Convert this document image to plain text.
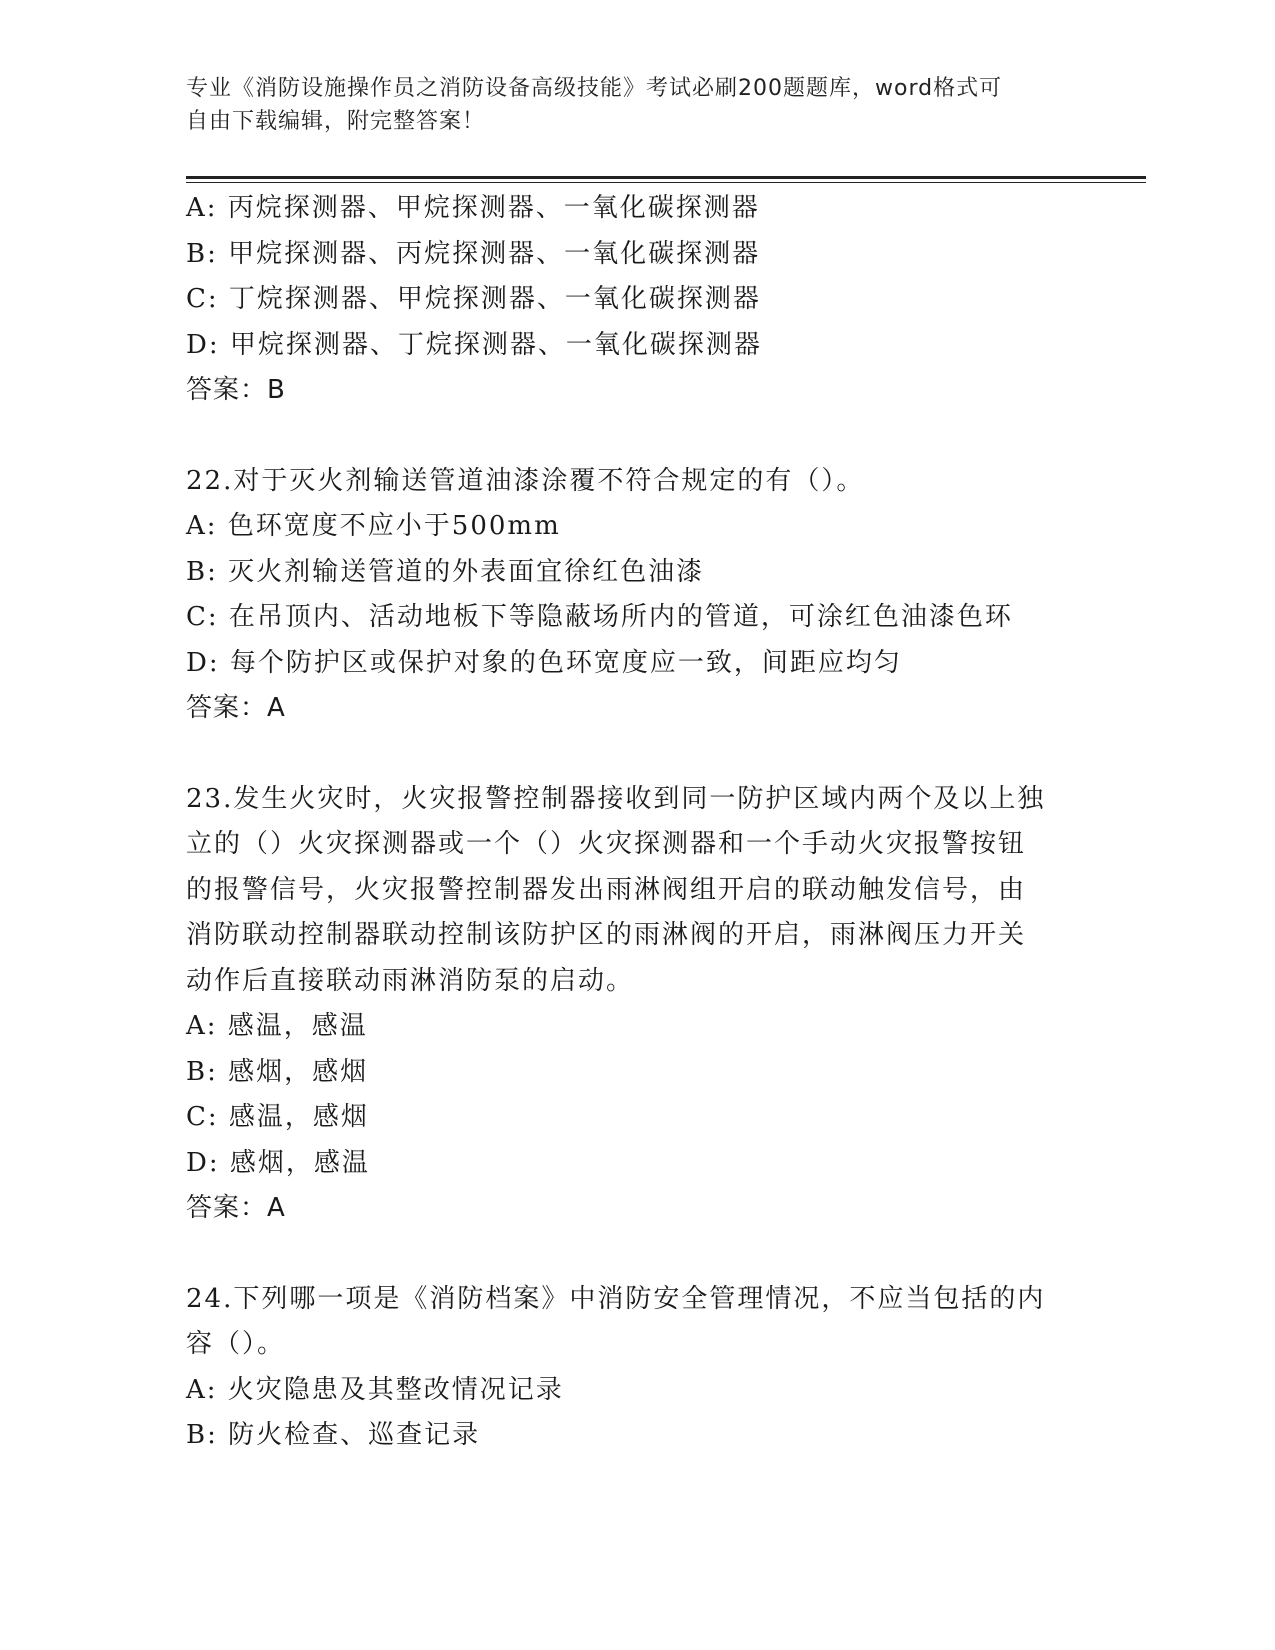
专业《消防设施操作员之消防设备高级技能》考试必刷200题题库，word格式可
自由下载编辑，附完整答案！
A: 丙烷探测器、甲烷探测器、一氧化碳探测器
B: 甲烷探测器、丙烷探测器、一氧化碳探测器
C: 丁烷探测器、甲烷探测器、一氧化碳探测器
D: 甲烷探测器、丁烷探测器、一氧化碳探测器
答案：B
22.对于灭火剂输送管道油漆涂覆不符合规定的有（）。
A: 色环宽度不应小于500mm
B: 灭火剂输送管道的外表面宜徐红色油漆
C: 在吊顶内、活动地板下等隐蔽场所内的管道，可涂红色油漆色环
D: 每个防护区或保护对象的色环宽度应一致，间距应均匀
答案：A
23.发生火灾时，火灾报警控制器接收到同一防护区域内两个及以上独
立的（）火灾探测器或一个（）火灾探测器和一个手动火灾报警按钮
的报警信号，火灾报警控制器发出雨淋阀组开启的联动触发信号，由
消防联动控制器联动控制该防护区的雨淋阀的开启，雨淋阀压力开关
动作后直接联动雨淋消防泵的启动。
A: 感温，感温
B: 感烟，感烟
C: 感温，感烟
D: 感烟，感温
答案：A
24.下列哪一项是《消防档案》中消防安全管理情况，不应当包括的内
容（）。
A: 火灾隐患及其整改情况记录
B: 防火检查、巡查记录
